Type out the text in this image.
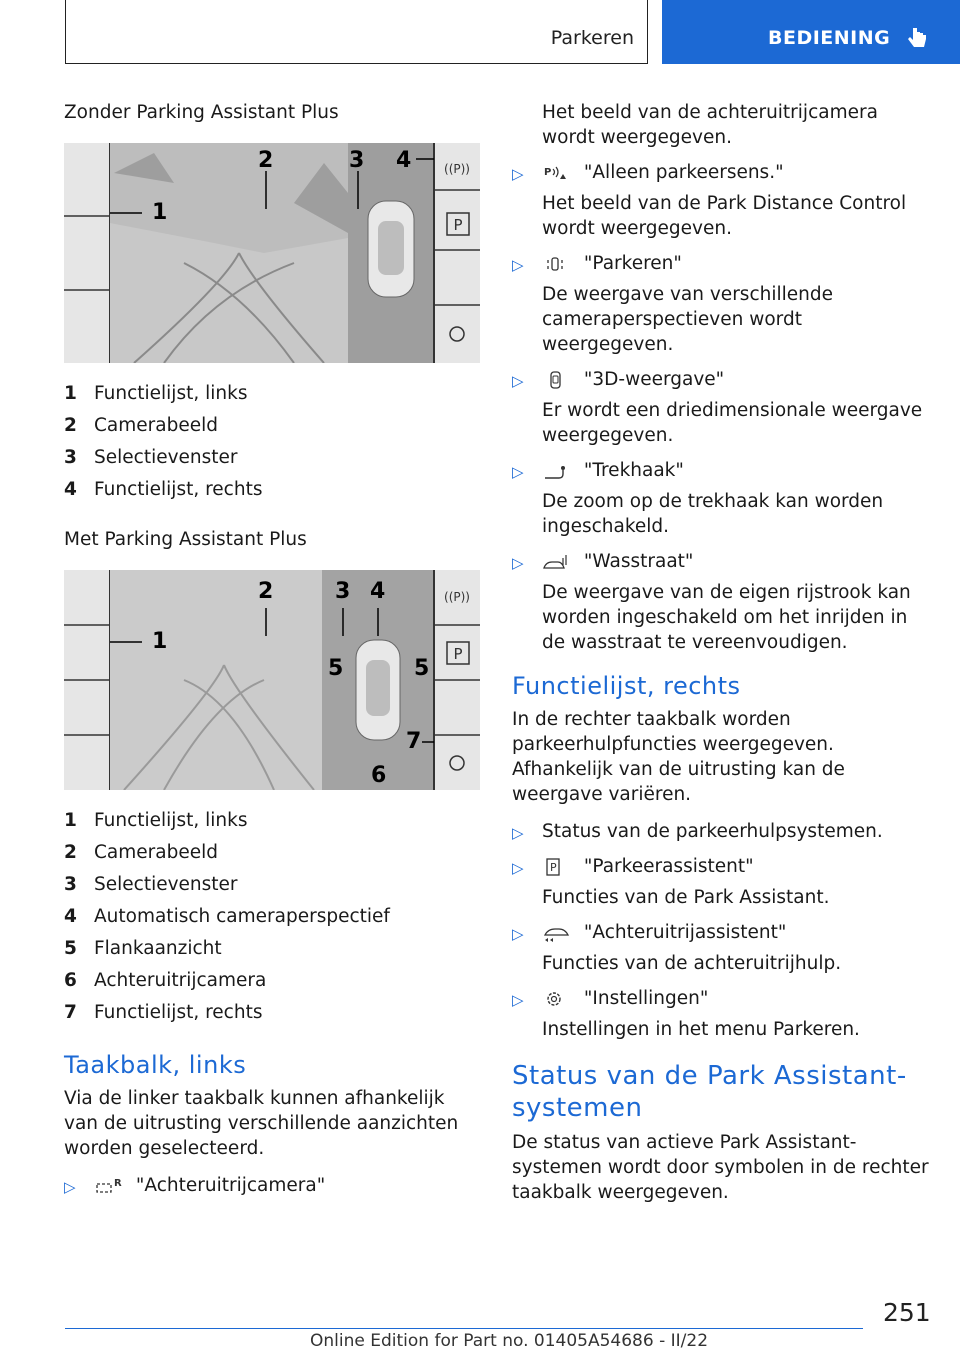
Parkeren	BEDIENING
Zonder Parking Assistant Plus
P
((P))
1
2	3 4
1 Functielijst, links
2 Camerabeeld
3 Selectievenster
4 Functielijst, rechts
Met Parking Assistant Plus
P
((P))
1
2	3 4
5	5
6
7
1 Functielijst, links
2 Camerabeeld
3 Selectievenster
4 Automatisch cameraperspectief
5 Flankaanzicht
6 Achteruitrijcamera
7 Functielijst, rechts
Taakbalk, links
Via de linker taakbalk kunnen afhankelijk van de uitrusting verschillende aanzichten worden geselecteerd.
▷	R "Achteruitrijcamera"
Het beeld van de achteruitrijcamera wordt weergegeven.
▷	P "Alleen parkeersens."
Het beeld van de Park Distance Control wordt weergegeven.
▷	"Parkeren"
De weergave van verschillende cameraperspectieven wordt weergegeven.
▷	"3D-weergave"
Er wordt een driedimensionale weergave weergegeven.
▷	"Trekhaak"
De zoom op de trekhaak kan worden ingeschakeld.
▷	"Wasstraat"
De weergave van de eigen rijstrook kan worden ingeschakeld om het inrijden in de wasstraat te vereenvoudigen.
Functielijst, rechts
In de rechter taakbalk worden parkeerhulpfuncties weergegeven. Afhankelijk van de uitrusting kan de weergave variëren.
▷ Status van de parkeerhulpsystemen.
▷	P "Parkeerassistent"
Functies van de Park Assistant.
▷	"Achteruitrijassistent"
Functies van de achteruitrijhulp.
▷	"Instellingen"
Instellingen in het menu Parkeren.
Status van de Park Assistant-systemen
De status van actieve Park Assistant-systemen wordt door symbolen in de rechter taakbalk weergegeven.
251
Online Edition for Part no. 01405A54686 - II/22
